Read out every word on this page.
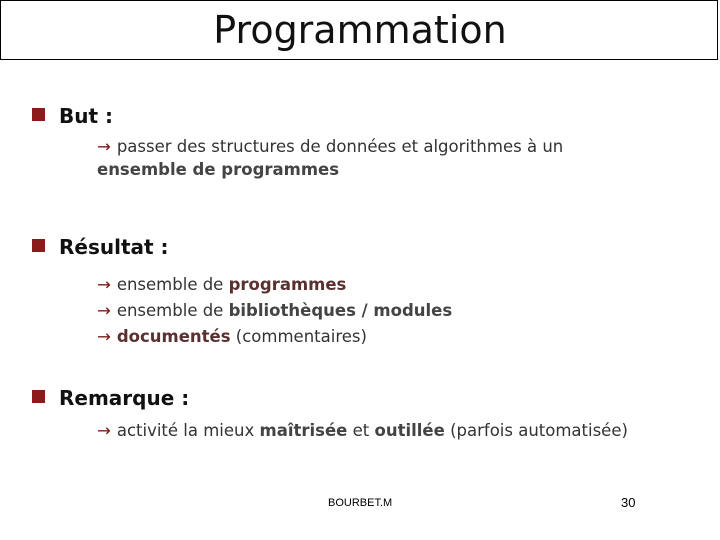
Programmation
But :
→ passer des structures de données et algorithmes à un
ensemble de programmes
Résultat :
→ ensemble de programmes
→ ensemble de bibliothèques / modules
→ documentés (commentaires)
Remarque :
→ activité la mieux maîtrisée et outillée (parfois automatisée)
BOURBET.M	30
